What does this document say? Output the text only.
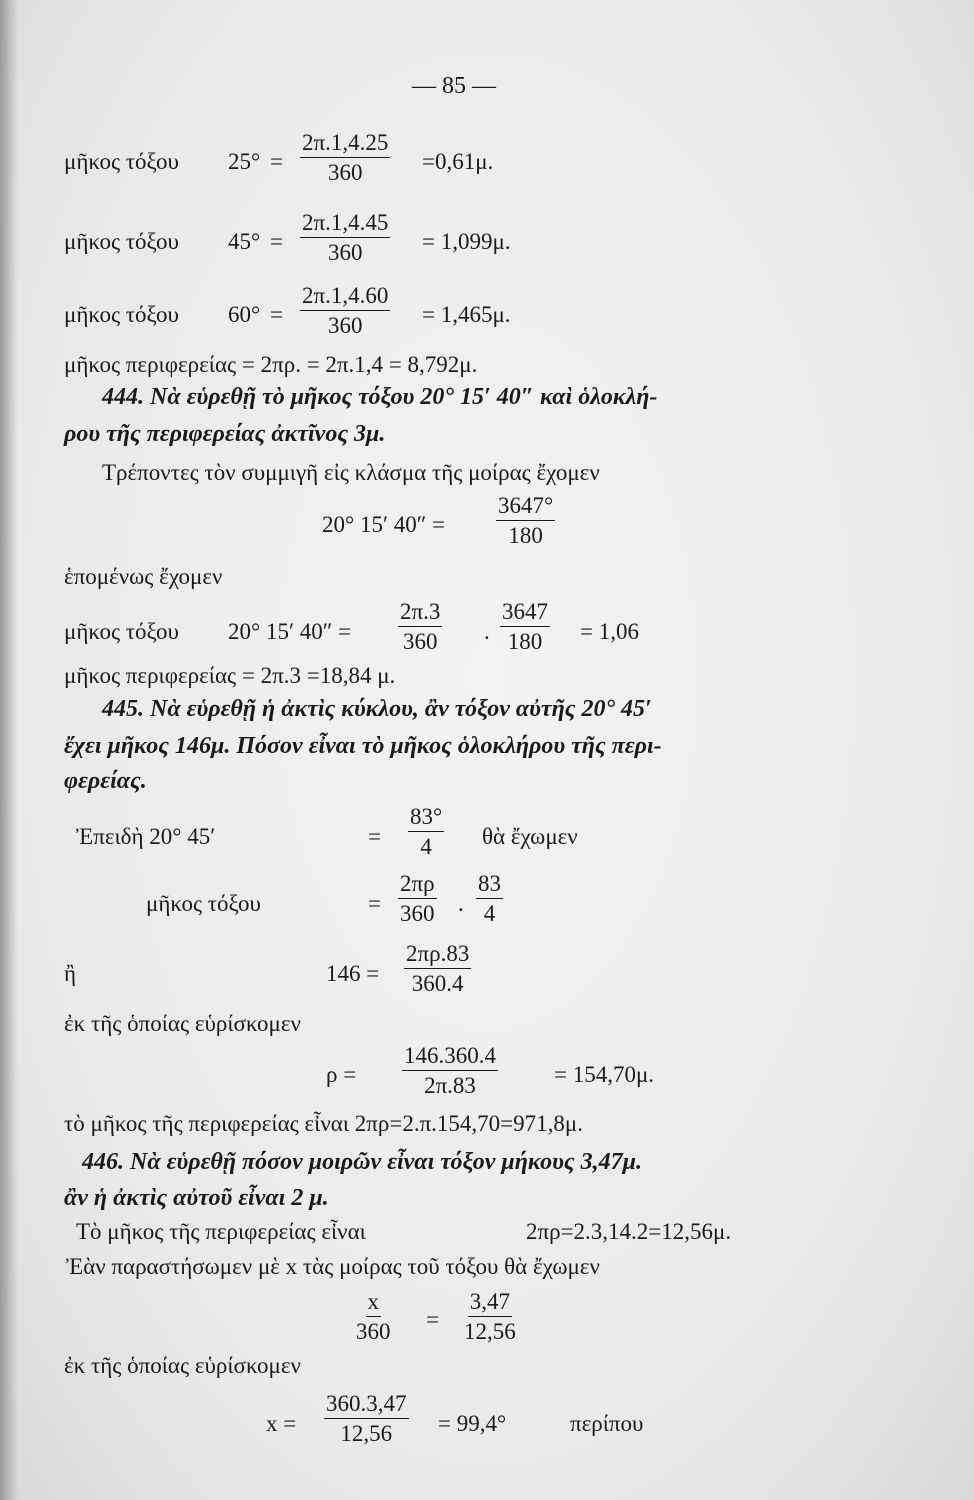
— 85 —
μῆκος τόξου $25^\circ = \frac{2\pi.1,4.25}{360} =0,61\mu$.
μῆκος τόξου $45^\circ = \frac{2\pi.1,4.45}{360} = 1,099\mu$.
μῆκος τόξου $60^\circ = \frac{2\pi.1,4.60}{360} = 1,465\mu$.
μῆκος περιφερείας = 2πρ. = 2π.1,4 = 8,792μ.
444. Νὰ εὑρεθῇ τὸ μῆκος τόξου 20° 15′ 40″ καὶ ὁλοκλή-
ρου τῆς περιφερείας ἀκτῖνος 3μ.
Τρέποντες τὸν συμμιγῆ εἰς κλάσμα τῆς μοίρας ἔχομεν
20° 15′ $40'' = \frac{3647^\circ}{180}$
ἑπομένως ἔχομεν
μῆκος τόξου 20° 15′ $40'' = \frac{2\pi.3}{360}$ . $\frac{3647}{180} = 1,06$
μῆκος περιφερείας = 2π.3 =18,84 μ.
445. Νὰ εὑρεθῇ ἡ ἀκτὶς κύκλου, ἂν τόξον αὐτῆς 20° 45′
ἔχει μῆκος 146μ. Πόσον εἶναι τὸ μῆκος ὁλοκλήρου τῆς περι-
φερείας.
Ἐπειδὴ 20° 45′	= $\frac{83^\circ}{4}$ θὰ ἔχωμεν
μῆκος τόξου	= $\frac{2\pi\rho}{360}$ . $\frac{83}{4}$
ἢ	$146 = \frac{2\pi\rho.83}{360.4}$
ἐκ τῆς ὁποίας εὑρίσκομεν
$\rho = \frac{146.360.4}{2\pi.83} = 154,70\mu$.
τὸ μῆκος τῆς περιφερείας εἶναι 2πρ=2.π.154,70=971,8μ.
446. Νὰ εὑρεθῇ πόσον μοιρῶν εἶναι τόξον μήκους 3,47μ.
ἂν ἡ ἀκτὶς αὐτοῦ εἶναι 2 μ.
Τὸ μῆκος τῆς περιφερείας εἶναι	2πρ=2.3,14.2=12,56μ.
Ἐὰν παραστήσωμεν μὲ x τὰς μοίρας τοῦ τόξου θὰ ἔχωμεν
$\frac{x}{360} = \frac{3,47}{12,56}$
ἐκ τῆς ὁποίας εὑρίσκομεν
$x = \frac{360.3,47}{12,56} = 99,4^\circ$	περίπου
